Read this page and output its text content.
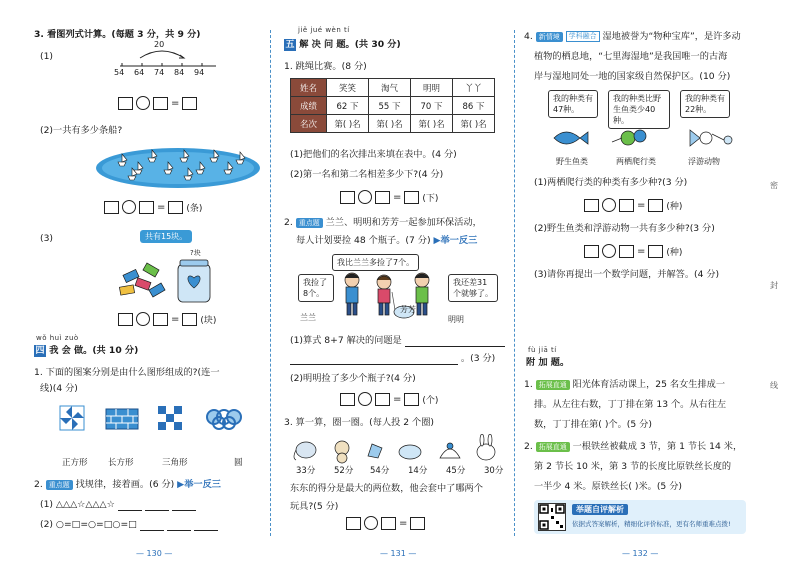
3. 看图列式计算。(每题 3 分，共 9 分)
(1)
20
54 64 74 84 94
=
(2)一共有多少条船?
= (条)
(3)	共有15块。
?块
= (块)
wǒ huì zuò
四 我 会 做。(共 10 分)
1. 下面的图案分别是由什么图形组成的?(连一
线)(4 分)
正方形 长方形	三角形	圆
2. 重点题 找规律，接着画。(6 分) ▶举一反三
(1) △△△☆△△△☆
(2) ○=□=○=□○=□
— 130 —
jiě jué wèn tí
五 解 决 问 题。(共 30 分)
1. 跳绳比赛。(8 分)
姓名	笑笑	淘气	明明	丫丫
成绩	62 下	55 下	70 下	86 下
名次	第( )名	第( )名	第( )名	第( )名
(1)把他们的名次排出来填在表中。(4 分)
(2)第一名和第二名相差多少下?(4 分)
= (下)
2. 重点题 兰兰、明明和芳芳一起参加环保活动，
每人计划要捡 48 个瓶子。(7 分) ▶举一反三
我比兰兰多捡了7个。
我捡了8个。
我还差31个就够了。
兰兰
芳芳
明明
(1)算式 8+7 解决的问题是
。(3 分)
(2)明明捡了多少个瓶子?(4 分)
= (个)
3. 算一算，圈一圈。(每人投 2 个圈)
33分 52分 54分 14分 45分 30分
东东的得分是最大的两位数，他会套中了哪两个
玩具?(5 分)
=
— 131 —
4. 新情境 学科融合 湿地被誉为“物种宝库”，是许多动
植物的栖息地，“七里海湿地”是我国唯一的古海
岸与湿地同处一地的国家级自然保护区。(10 分)
我的种类有47种。
我的种类比野生鱼类少40种。
我的种类有22种。
野生鱼类	两栖爬行类	浮游动物
(1)两栖爬行类的种类有多少种?(3 分)
= (种)
(2)野生鱼类和浮游动物一共有多少种?(3 分)
= (种)
(3)请你再提出一个数学问题，并解答。(4 分)
fù jiā tí
附 加 题。
1. 拓展直通 阳光体育活动课上，25 名女生排成一
排。从左往右数，丁丁排在第 13 个。从右往左
数，丁丁排在第( )个。(5 分)
2. 拓展直通 一根铁丝被截成 3 节，第 1 节长 14 米，
第 2 节长 10 米，第 3 节的长度比原铁丝长度的
一半少 4 米。原铁丝长( )米。(5 分)
举题自评解析
依据式答案解析，精细化评价标准，更有名师重难点拨!
密
封
线
— 132 —
